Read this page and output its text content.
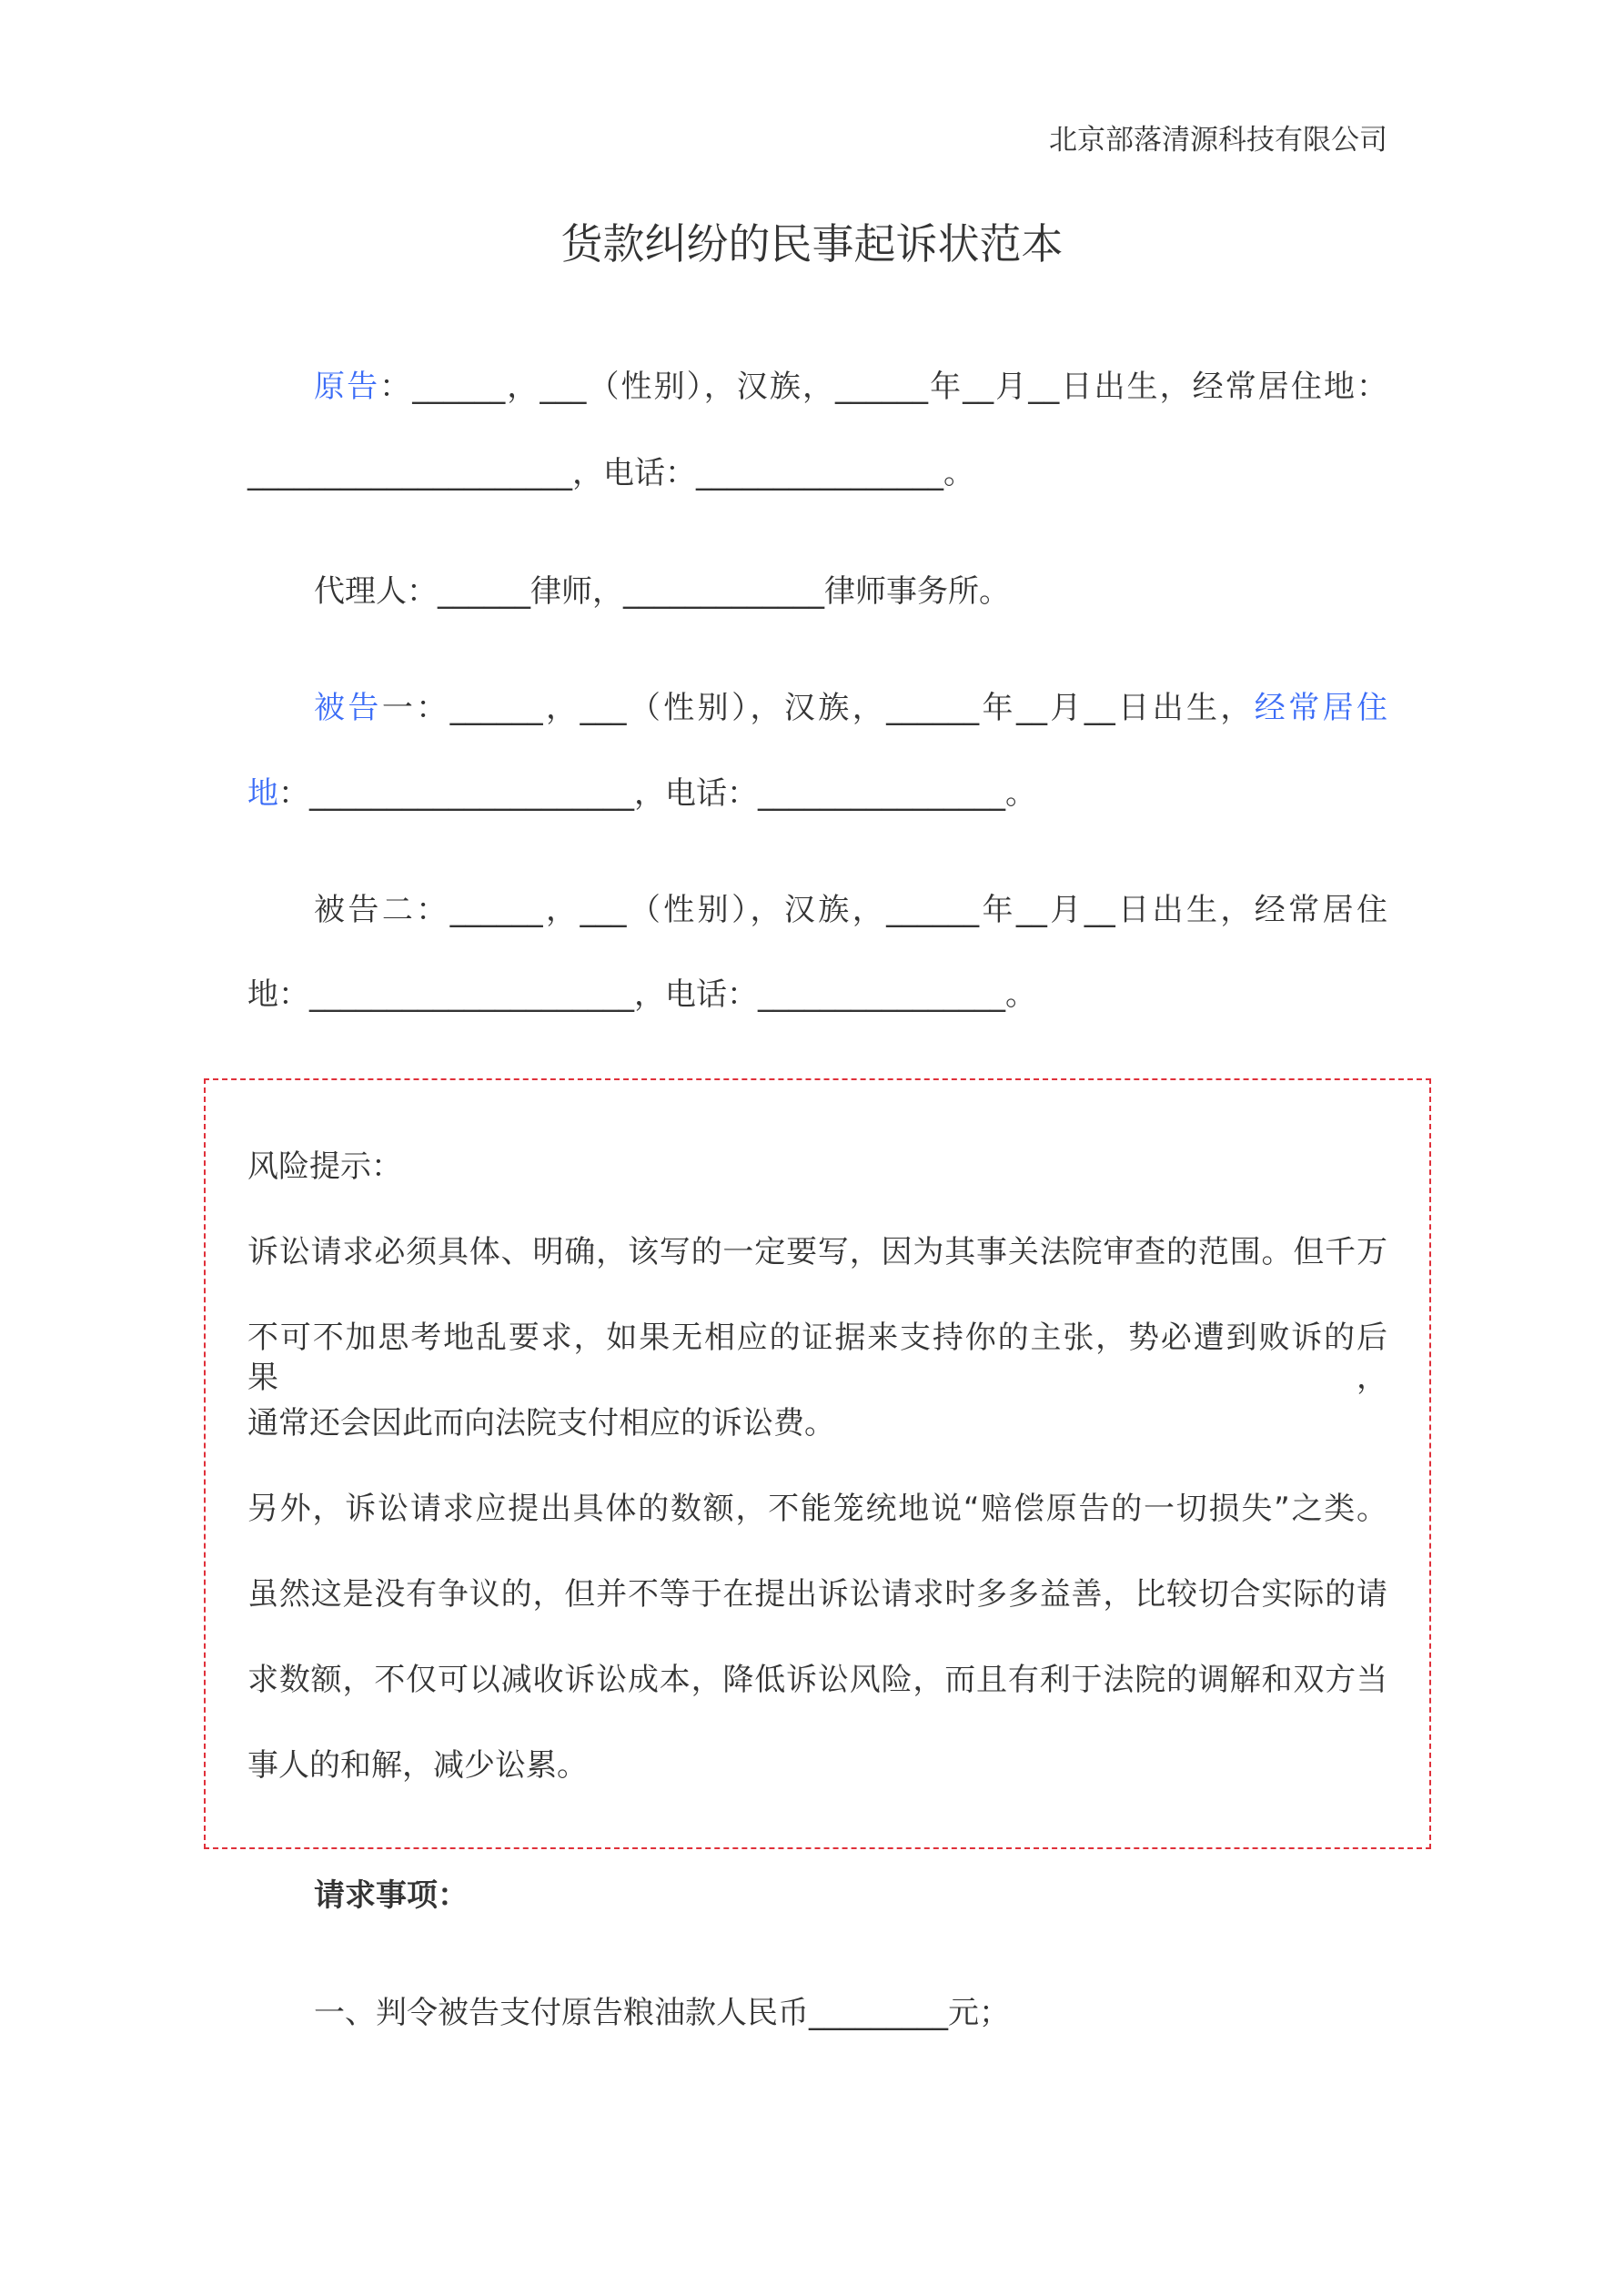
北京部落清源科技有限公司
货款纠纷的民事起诉状范本
原告：______，___（性别），汉族，______年__月__日出生，经常居住地：
_____________________，电话：________________。
代理人：______律师，_____________律师事务所。
被告一：______，___（性别），汉族，______年__月__日出生，经常居住
地：_____________________，电话：________________。
被告二：______，___（性别），汉族，______年__月__日出生，经常居住
地：_____________________，电话：________________。
风险提示：
诉讼请求必须具体、明确，该写的一定要写，因为其事关法院审查的范围。但千万
不可不加思考地乱要求，如果无相应的证据来支持你的主张，势必遭到败诉的后果，
通常还会因此而向法院支付相应的诉讼费。
另外，诉讼请求应提出具体的数额，不能笼统地说“赔偿原告的一切损失”之类。
虽然这是没有争议的，但并不等于在提出诉讼请求时多多益善，比较切合实际的请
求数额，不仅可以减收诉讼成本，降低诉讼风险，而且有利于法院的调解和双方当
事人的和解，减少讼累。
请求事项：
一、判令被告支付原告粮油款人民币_________元；
